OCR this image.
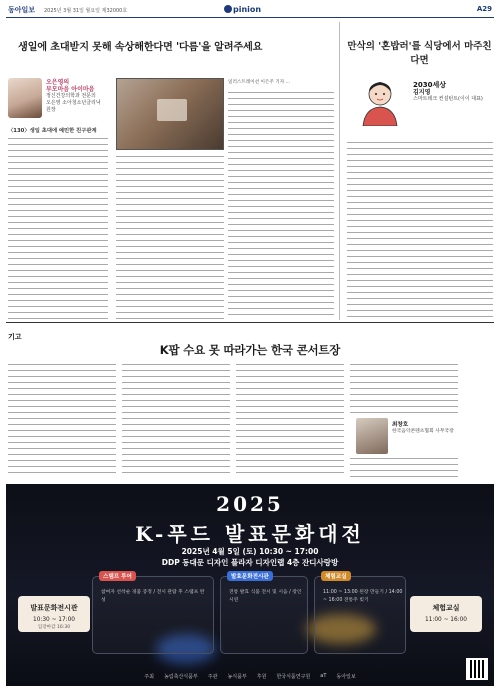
동아일보 2025년 3월 31일 월요일 제32000호	pinion	A29
생일에 초대받지 못해 속상해한다면 '다름'을 알려주세요
오은영의
부모마음 아이마음
정신건강의학과 전문의
오은영 소아청소년클리닉 원장
〈130〉생일 초대에 예민한 친구관계
일러스트레이션 이은주 기자 ...
만삭의 '혼밥러'를 식당에서 마주친다면
2030세상
김지영
스마트테크 컨설턴트(이이 대표)
기고
K팝 수요 못 따라가는 한국 콘서트장
최창호
한국음악콘텐츠협회 사무국장
2025
K-푸드 발표문화대전
2025년 4월 5일 (토) 10:30 ~ 17:00
DDP 동대문 디자인 플라자 디자인랩 4층 잔디사랑방
발표문화전시관
10:30 ~ 17:00
입장마감 16:30
체험교실
11:00 ~ 16:00
스탬프 투어
참여자 선착순 경품 증정 / 전시 관람 후 스탬프 완성
발효문화전시관
전통 발효 식품 전시 및 시음 / 장인 시연
체험교실
11:00 ~ 13:00 된장 만들기 / 14:00 ~ 16:00 전통주 빚기
주최 농림축산식품부 주관 농식품부 후원 한국식품연구원 aT 동아일보
